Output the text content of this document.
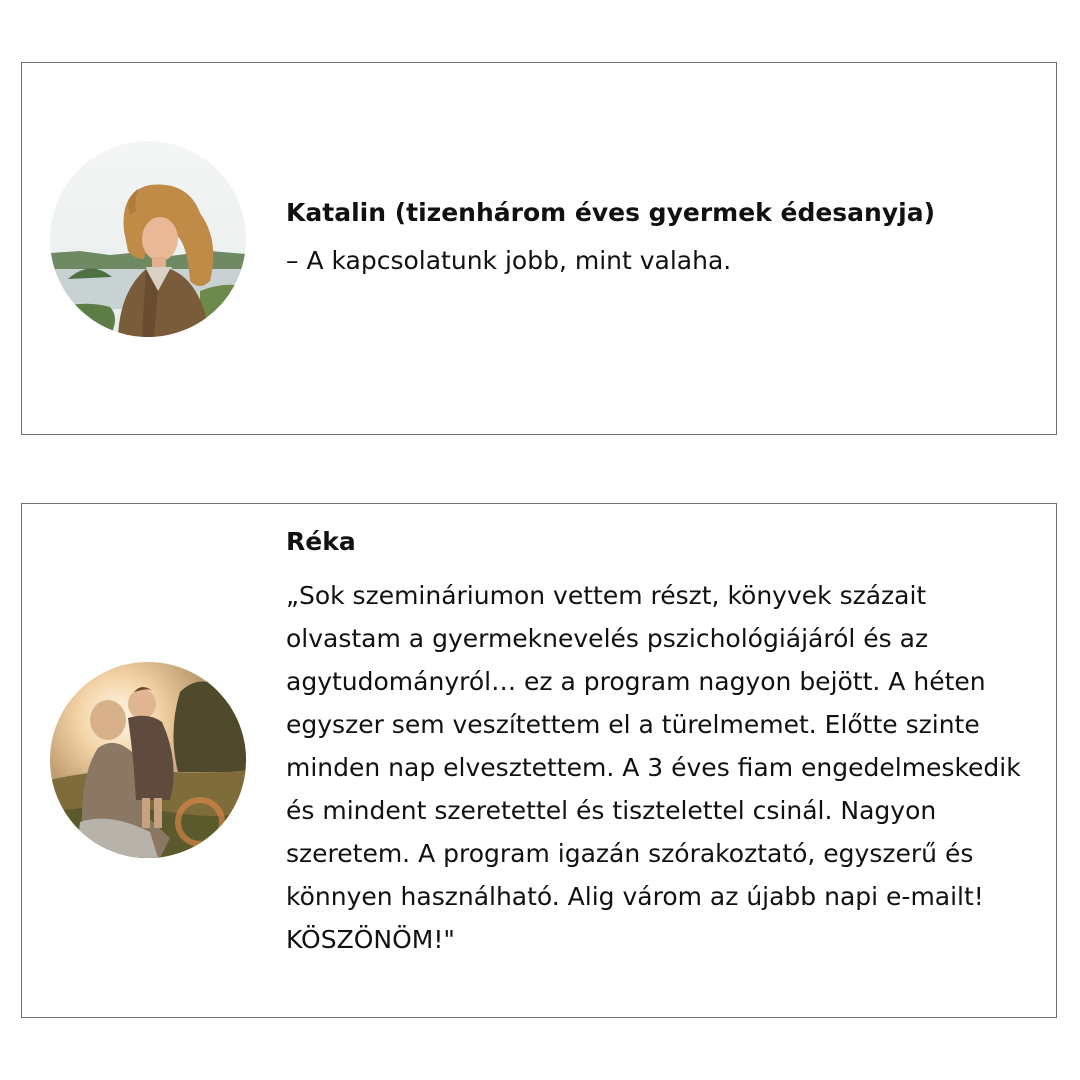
Katalin (tizenhárom éves gyermek édesanyja)

– A kapcsolatunk jobb, mint valaha.

Réka

„Sok szemináriumon vettem részt, könyvek százait olvastam a gyermeknevelés pszichológiájáról és az agytudományról… ez a program nagyon bejött. A héten egyszer sem veszítettem el a türelmemet. Előtte szinte minden nap elvesztettem. A 3 éves fiam engedelmeskedik és mindent szeretettel és tisztelettel csinál. Nagyon szeretem. A program igazán szórakoztató, egyszerű és könnyen használható. Alig várom az újabb napi e-mailt! KÖSZÖNÖM!"
